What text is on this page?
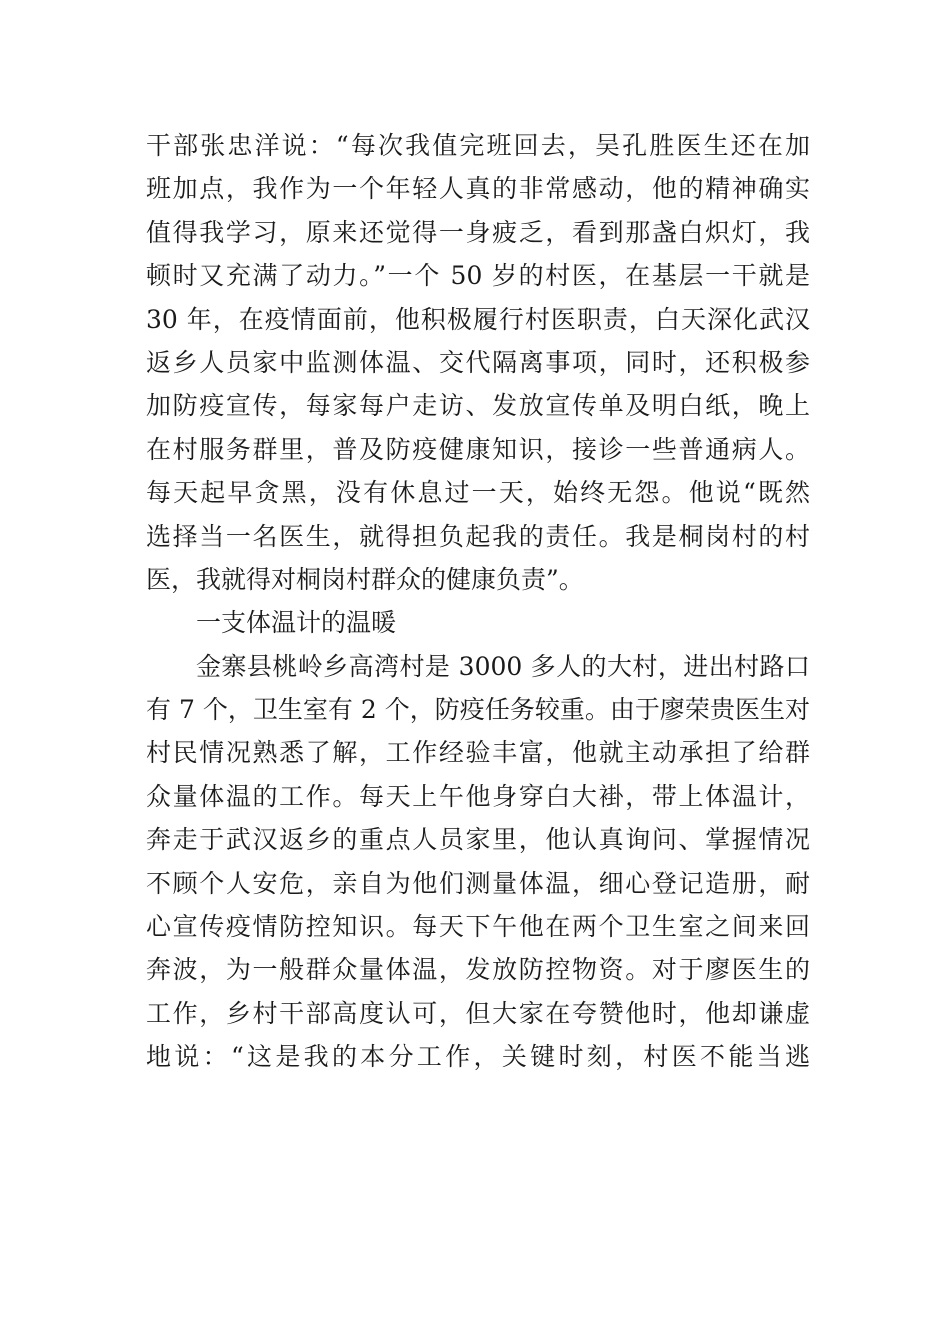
干部张忠洋说：“每次我值完班回去，吴孔胜医生还在加
班加点，我作为一个年轻人真的非常感动，他的精神确实
值得我学习，原来还觉得一身疲乏，看到那盏白炽灯，我
顿时又充满了动力。”一个 50 岁的村医，在基层一干就是
30 年，在疫情面前，他积极履行村医职责，白天深化武汉
返乡人员家中监测体温、交代隔离事项，同时，还积极参
加防疫宣传，每家每户走访、发放宣传单及明白纸，晚上
在村服务群里，普及防疫健康知识，接诊一些普通病人。
每天起早贪黑，没有休息过一天，始终无怨。他说“既然
选择当一名医生，就得担负起我的责任。我是桐岗村的村
医，我就得对桐岗村群众的健康负责”。
一支体温计的温暖
金寨县桃岭乡高湾村是 3000 多人的大村，进出村路口
有 7 个，卫生室有 2 个，防疫任务较重。由于廖荣贵医生对
村民情况熟悉了解，工作经验丰富，他就主动承担了给群
众量体温的工作。每天上午他身穿白大褂，带上体温计，
奔走于武汉返乡的重点人员家里，他认真询问、掌握情况
不顾个人安危，亲自为他们测量体温，细心登记造册，耐
心宣传疫情防控知识。每天下午他在两个卫生室之间来回
奔波，为一般群众量体温，发放防控物资。对于廖医生的
工作，乡村干部高度认可，但大家在夸赞他时，他却谦虚
地说：“这是我的本分工作，关键时刻，村医不能当逃
